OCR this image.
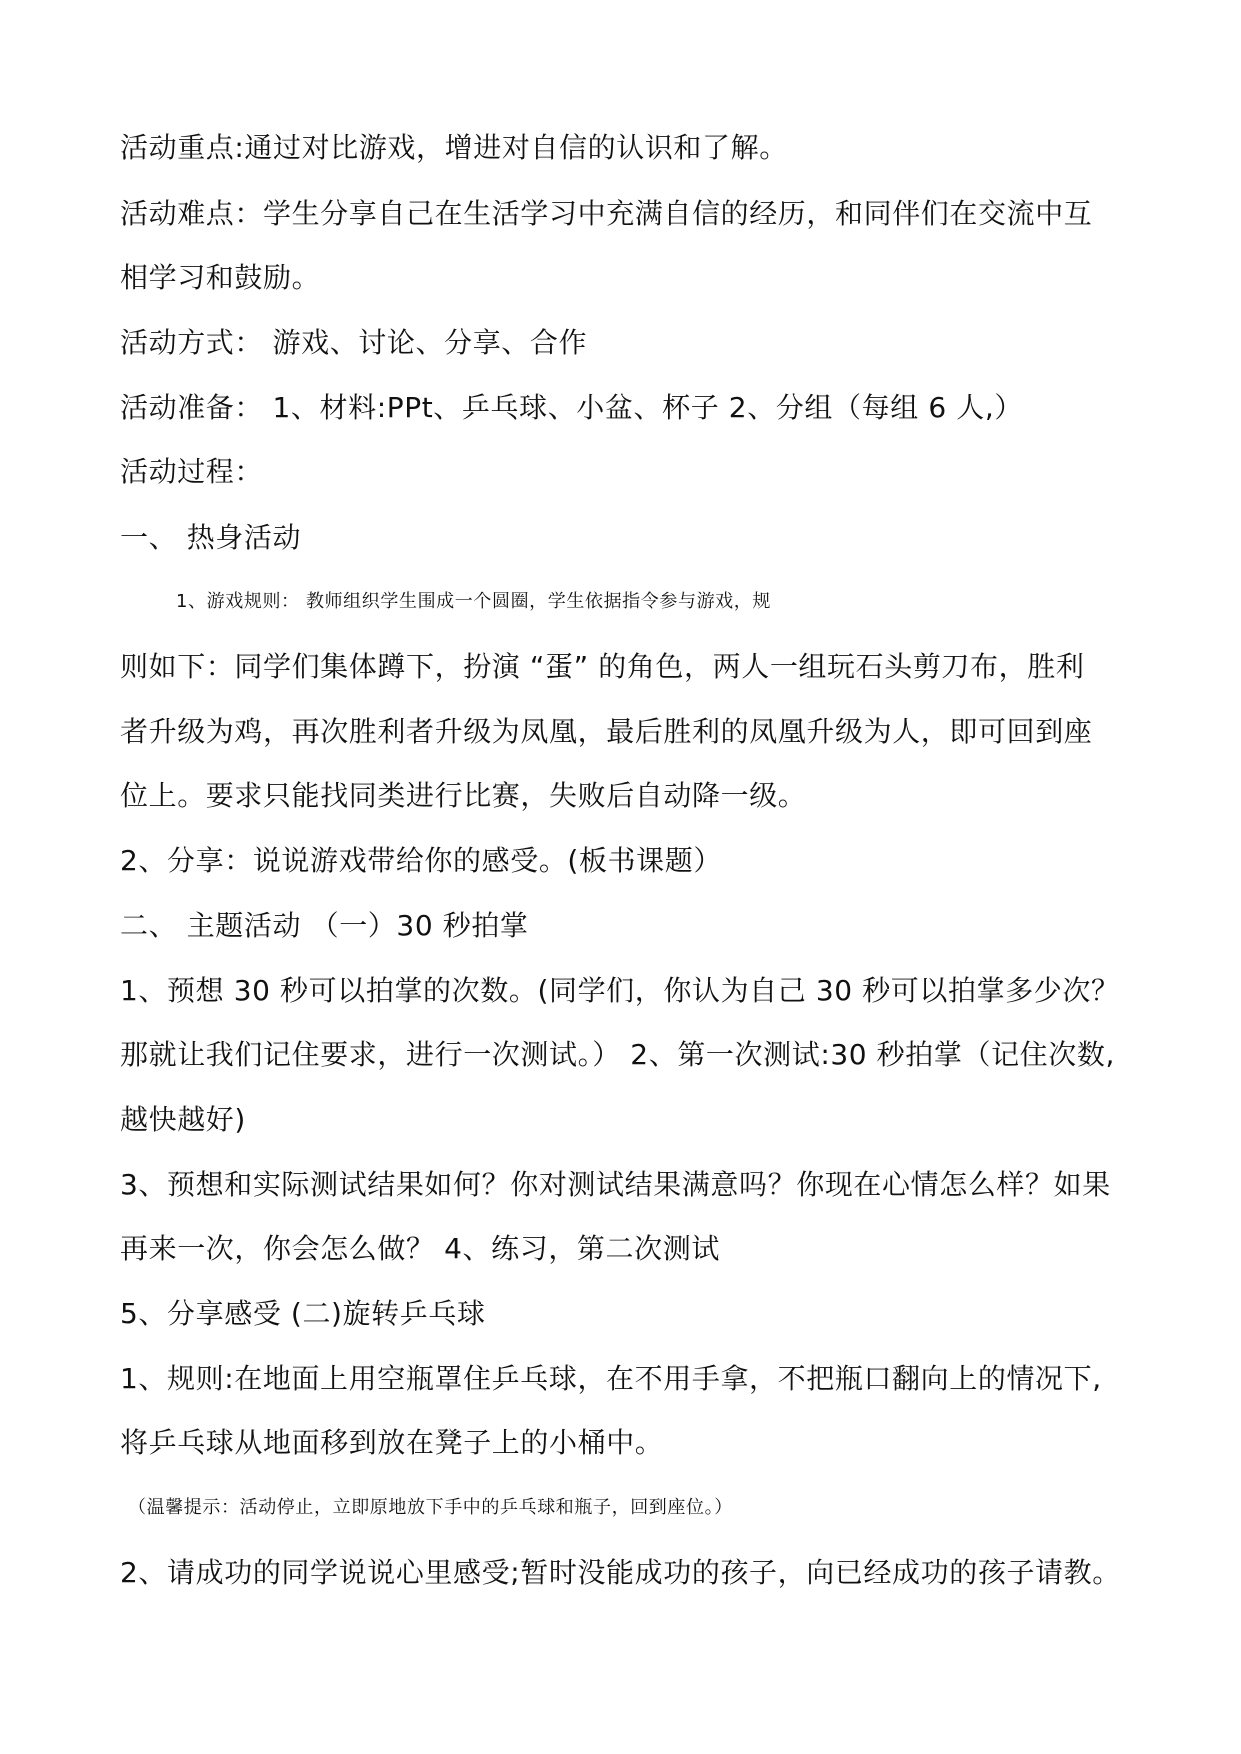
活动重点:通过对比游戏，增进对自信的认识和了解。
活动难点：学生分享自己在生活学习中充满自信的经历，和同伴们在交流中互
相学习和鼓励。
活动方式： 游戏、讨论、分享、合作
活动准备： 1、材料:PPt、乒乓球、小盆、杯子 2、分组（每组 6 人,）
活动过程：
一、 热身活动
1、游戏规则： 教师组织学生围成一个圆圈，学生依据指令参与游戏，规
则如下：同学们集体蹲下，扮演 “蛋” 的角色，两人一组玩石头剪刀布，胜利
者升级为鸡，再次胜利者升级为凤凰，最后胜利的凤凰升级为人，即可回到座
位上。要求只能找同类进行比赛，失败后自动降一级。
2、分享：说说游戏带给你的感受。(板书课题）
二、 主题活动 （一）30 秒拍掌
1、预想 30 秒可以拍掌的次数。(同学们，你认为自己 30 秒可以拍掌多少次？
那就让我们记住要求，进行一次测试。） 2、第一次测试:30 秒拍掌（记住次数,
越快越好)
3、预想和实际测试结果如何？你对测试结果满意吗？你现在心情怎么样？如果
再来一次，你会怎么做？ 4、练习，第二次测试
5、分享感受 (二)旋转乒乓球
1、规则:在地面上用空瓶罩住乒乓球，在不用手拿，不把瓶口翻向上的情况下,
将乒乓球从地面移到放在凳子上的小桶中。
（温馨提示：活动停止，立即原地放下手中的乒乓球和瓶子，回到座位。）
2、请成功的同学说说心里感受;暂时没能成功的孩子，向已经成功的孩子请教。
